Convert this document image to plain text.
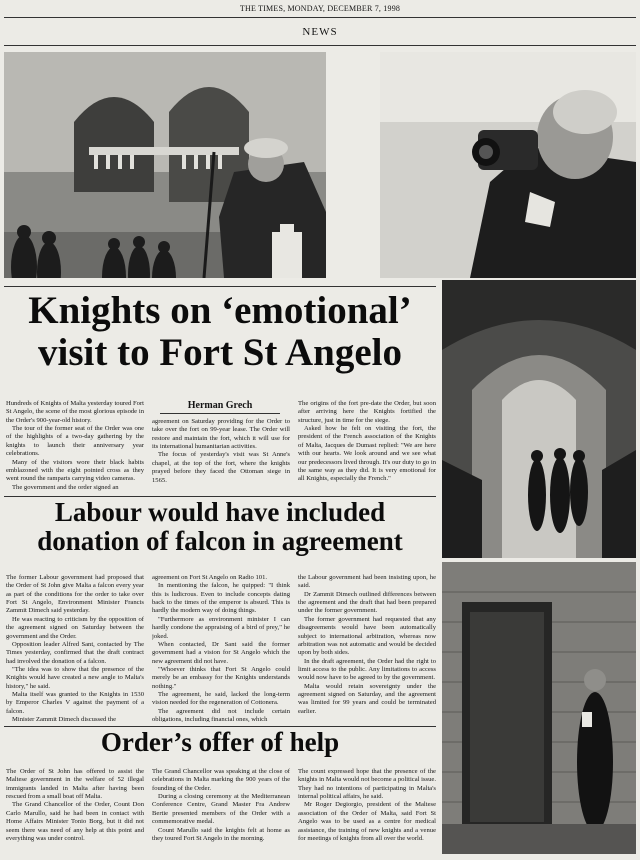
THE TIMES, MONDAY, DECEMBER 7, 1998
NEWS
Knights on ‘emotional’
visit to Fort St Angelo
Herman Grech

Hundreds of Knights of Malta yesterday toured Fort St Angelo, the scene of the most glorious episode in the Order's 900-year-old history.

The tour of the former seat of the Order was one of the highlights of a two-day gathering by the knights to launch their anniversary year celebrations.

Many of the visitors wore their black habits emblazoned with the eight pointed cross as they went round the ramparts carrying video cameras.

The government and the order signed an

agreement on Saturday providing for the Order to take over the fort on 99-year lease. The Order will restore and maintain the fort, which it will use for its international humanitarian activities.

The focus of yesterday's visit was St Anne's chapel, at the top of the fort, where the knights prayed before they faced the Ottoman siege in 1565.

The origins of the fort pre-date the Order, but soon after arriving here the Knights fortified the structure, just in time for the siege.

Asked how he felt on visiting the fort, the president of the French association of the Knights of Malta, Jacques de Dumast replied: "We are here with our hearts. We look around and we see what our predecessors lived through. It's our duty to go in the same way as they did. It is very emotional for all Knights, especially the French."

Labour would have included
donation of falcon in agreement

The former Labour government had proposed that the Order of St John give Malta a falcon every year as part of the conditions for the order to take over Fort St Angelo, Environment Minister Francis Zammit Dimech said yesterday.

He was reacting to criticism by the opposition of the agreement signed on Saturday between the government and the Order.

Opposition leader Alfred Sant, contacted by The Times yesterday, confirmed that the draft contract had involved the donation of a falcon.

"The idea was to show that the presence of the Knights would have created a new angle to Malta's history," he said.

Malta itself was granted to the Knights in 1530 by Emperor Charles V against the payment of a falcon.

Minister Zammit Dimech discussed the

agreement on Fort St Angelo on Radio 101.

In mentioning the falcon, he quipped: "I think this is ludicrous. Even to include concepts dating back to the times of the emperor is absurd. This is hardly the modern way of doing things.

"Furthermore as environment minister I can hardly condone the appraising of a bird of prey," he joked.

When contacted, Dr Sant said the former government had a vision for St Angelo which the new agreement did not have.

"Whoever thinks that Fort St Angelo could merely be an embassy for the Knights understands nothing."

The agreement, he said, lacked the long-term vision needed for the regeneration of Cottonera.

The agreement did not include certain obligations, including financial ones, which

the Labour government had been insisting upon, he said.

Dr Zammit Dimech outlined differences between the agreement and the draft that had been prepared under the former government.

The former government had requested that any disagreements would have been automatically subject to international arbitration, whereas now arbitration was not automatic and would be decided upon by both sides.

In the draft agreement, the Order had the right to limit access to the public. Any limitations to access would now have to be agreed to by the government.

Malta would retain sovereignty under the agreement signed on Saturday, and the agreement was limited for 99 years and could be terminated earlier.

Order’s offer of help

The Order of St John has offered to assist the Maltese government in the welfare of 52 illegal immigrants landed in Malta after having been rescued from a small boat off Malta.

The Grand Chancellor of the Order, Count Don Carlo Marullo, said he had been in contact with Home Affairs Minister Tonio Borg, but it did not seem there was need of any help at this point and everything was under control.

The Grand Chancellor was speaking at the close of celebrations in Malta marking the 900 years of the founding of the Order.

During a closing ceremony at the Mediterranean Conference Centre, Grand Master Fra Andrew Bertie presented members of the Order with a commemorative medal.

Count Marullo said the knights felt at home as they toured Fort St Angelo in the morning.

The count expressed hope that the presence of the knights in Malta would not become a political issue. They had no intentions of participating in Malta's internal political affairs, he said.

Mr Roger Degiorgio, president of the Maltese association of the Order of Malta, said Fort St Angelo was to be used as a centre for medical assistance, the training of new knights and a venue for meetings of knights from all over the world.
